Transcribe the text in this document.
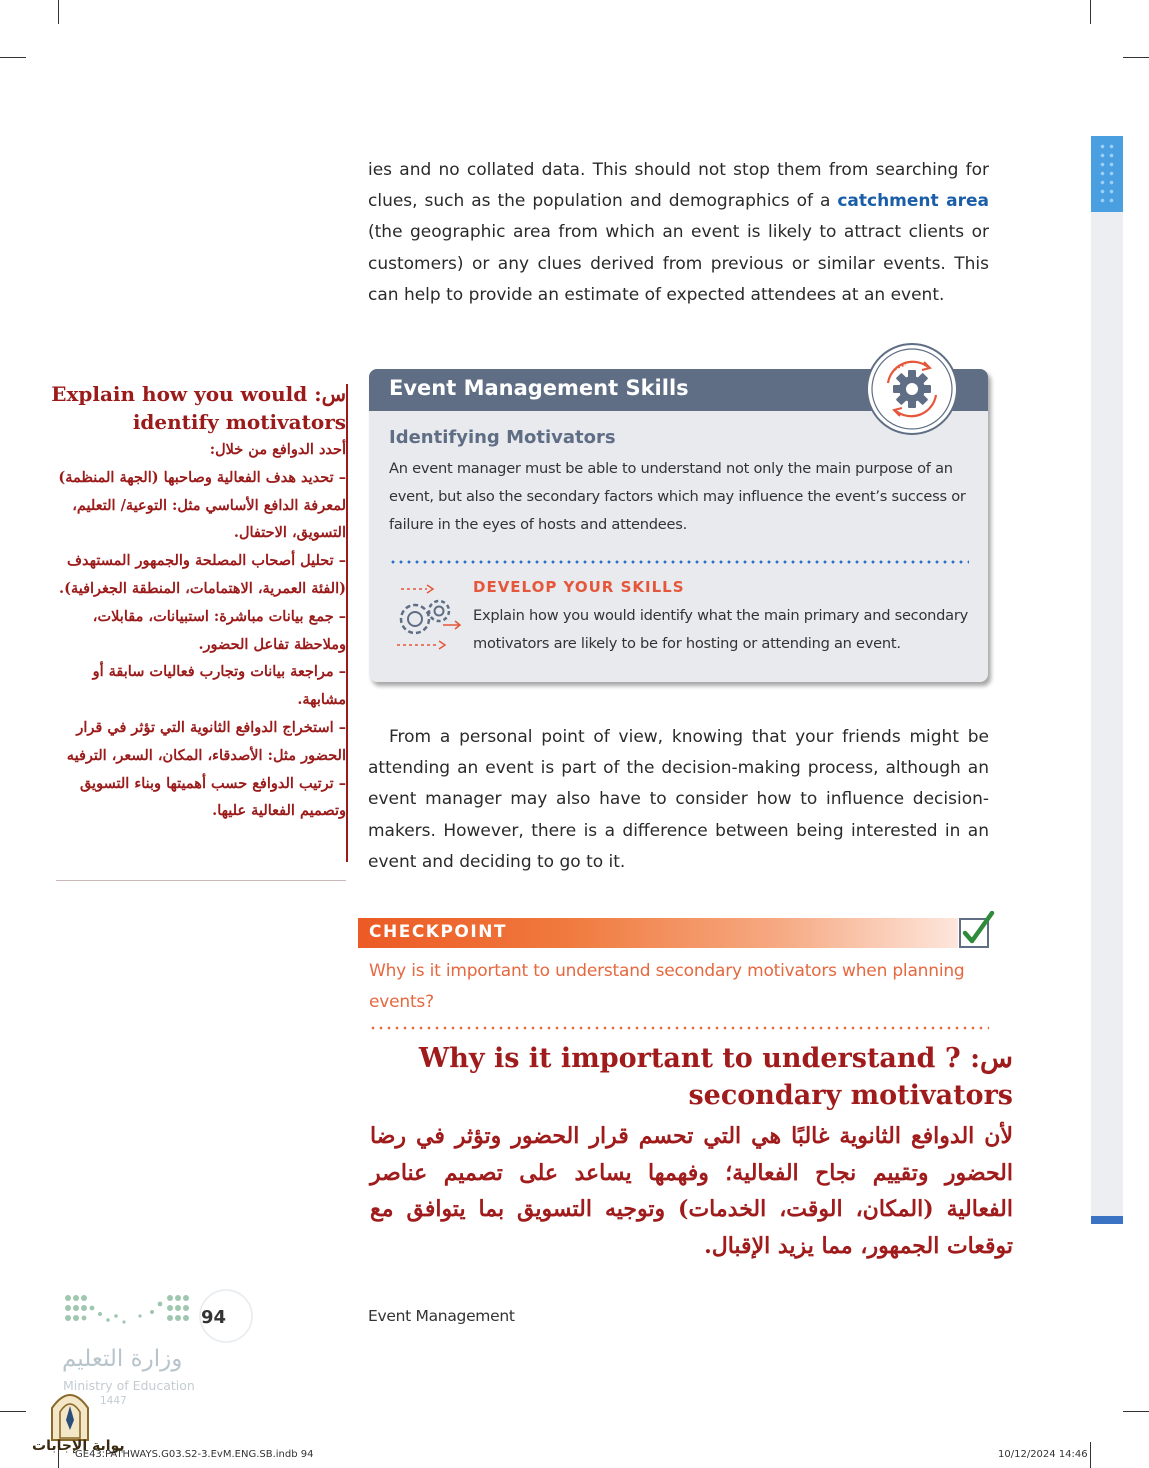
ies and no collated data. This should not stop them from searching for clues, such as the population and demographics of a catchment area (the geographic area from which an event is likely to attract clients or customers) or any clues derived from previous or similar events. This can help to provide an estimate of expected attendees at an event.
Event Management Skills
Identifying Motivators
An event manager must be able to understand not only the main purpose of an event, but also the secondary factors which may influence the event’s success or failure in the eyes of hosts and attendees.
DEVELOP YOUR SKILLS
Explain how you would identify what the main primary and secondary motivators are likely to be for hosting or attending an event.
From a personal point of view, knowing that your friends might be attending an event is part of the decision-making process, although an event manager may also have to consider how to influence decision-makers. However, there is a difference between being interested in an event and deciding to go to it.
CHECKPOINT
Why is it important to understand secondary motivators when planning events?
س: Explain how you would identify motivators
أحدد الدوافع من خلال:
– تحديد هدف الفعالية وصاحبها (الجهة المنظمة) لمعرفة الدافع الأساسي مثل: التوعية/ التعليم، التسويق، الاحتفال.
– تحليل أصحاب المصلحة والجمهور المستهدف (الفئة العمرية، الاهتمامات، المنطقة الجغرافية).
– جمع بيانات مباشرة: استبيانات، مقابلات، وملاحظة تفاعل الحضور.
– مراجعة بيانات وتجارب فعاليات سابقة أو مشابهة.
– استخراج الدوافع الثانوية التي تؤثر في قرار الحضور مثل: الأصدقاء، المكان، السعر، الترفيه
– ترتيب الدوافع حسب أهميتها وبناء التسويق وتصميم الفعالية عليها.
س: Why is it important to understand ?secondary motivators
لأن الدوافع الثانوية غالبًا هي التي تحسم قرار الحضور وتؤثر في رضا الحضور وتقييم نجاح الفعالية؛ وفهمها يساعد على تصميم عناصر الفعالية (المكان، الوقت، الخدمات) وتوجيه التسويق بما يتوافق مع توقعات الجمهور، مما يزيد الإقبال.
94	Event Management
وزارة التعليم
Ministry of Education
1447
بوابة الإجابات
GE43.PATHWAYS.G03.S2-3.EvM.ENG.SB.indb 94	10/12/2024 14:46
